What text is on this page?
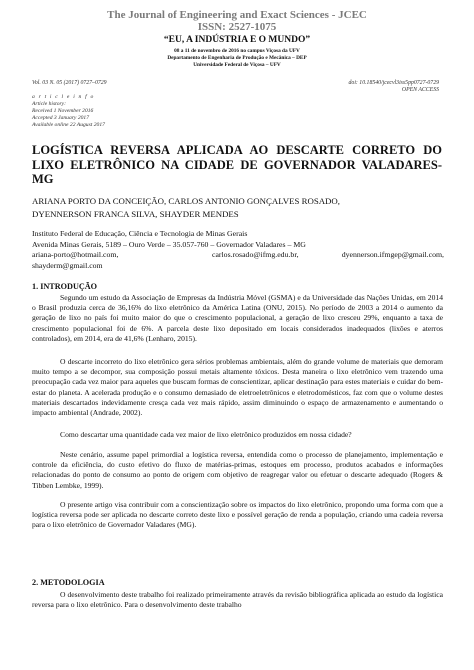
The Journal of Engineering and Exact Sciences - JCEC
ISSN: 2527-1075
“EU, A INDÚSTRIA E O MUNDO”
08 a 11 de novembro de 2016 no campus Viçosa da UFV
Departamento de Engenharia de Produção e Mecânica – DEP
Universidade Federal de Viçosa – UFV
Vol. 03 N. 05 (2017) 0727–0729	doi: 10.18540/jcecvl3iss5pp0727-0729
OPEN ACCESS
a r t i c l e i n f o
Article history:
Received 1 November 2016
Accepted 3 January 2017
Available online 22 August 2017
LOGÍSTICA REVERSA APLICADA AO DESCARTE CORRETO DO LIXO ELETRÔNICO NA CIDADE DE GOVERNADOR VALADARES-MG
ARIANA PORTO DA CONCEIÇÃO, CARLOS ANTONIO GONÇALVES ROSADO,
DYENNERSON FRANCA SILVA, SHAYDER MENDES
Instituto Federal de Educação, Ciência e Tecnologia de Minas Gerais
Avenida Minas Gerais, 5189 – Ouro Verde – 35.057-760 – Governador Valadares – MG
ariana-porto@hotmail.com,	carlos.rosado@ifmg.edu.br,	dyennerson.ifmgep@gmail.com,
shayderm@gmail.com
1. INTRODUÇÃO

Segundo um estudo da Associação de Empresas da Indústria Móvel (GSMA) e da Universidade das Nações Unidas, em 2014 o Brasil produzia cerca de 36,16% do lixo eletrônico da América Latina (ONU, 2015). No período de 2003 a 2014 o aumento da geração de lixo no país foi muito maior do que o crescimento populacional, a geração de lixo cresceu 29%, enquanto a taxa de crescimento populacional foi de 6%. A parcela deste lixo depositado em locais considerados inadequados (lixões e aterros controlados), em 2014, era de 41,6% (Lenharo, 2015).

O descarte incorreto do lixo eletrônico gera sérios problemas ambientais, além do grande volume de materiais que demoram muito tempo a se decompor, sua composição possui metais altamente tóxicos. Desta maneira o lixo eletrônico vem trazendo uma preocupação cada vez maior para aqueles que buscam formas de conscientizar, aplicar destinação para estes materiais e cuidar do bem-estar do planeta. A acelerada produção e o consumo demasiado de eletroeletrônicos e eletrodomésticos, faz com que o volume destes materiais descartados indevidamente cresça cada vez mais rápido, assim diminuindo o espaço de armazenamento e aumentando o impacto ambiental (Andrade, 2002).

Como descartar uma quantidade cada vez maior de lixo eletrônico produzidos em nossa cidade?

Neste cenário, assume papel primordial a logística reversa, entendida como o processo de planejamento, implementação e controle da eficiência, do custo efetivo do fluxo de matérias-primas, estoques em processo, produtos acabados e informações relacionadas do ponto de consumo ao ponto de origem com objetivo de reagregar valor ou efetuar o descarte adequado (Rogers & Tibben Lembke, 1999).

O presente artigo visa contribuir com a conscientização sobre os impactos do lixo eletrônico, propondo uma forma com que a logística reversa pode ser aplicada no descarte correto deste lixo e possível geração de renda a população, criando uma cadeia reversa para o lixo eletrônico de Governador Valadares (MG).

2. METODOLOGIA

O desenvolvimento deste trabalho foi realizado primeiramente através da revisão bibliográfica aplicada ao estudo da logística reversa para o lixo eletrônico. Para o desenvolvimento deste trabalho
